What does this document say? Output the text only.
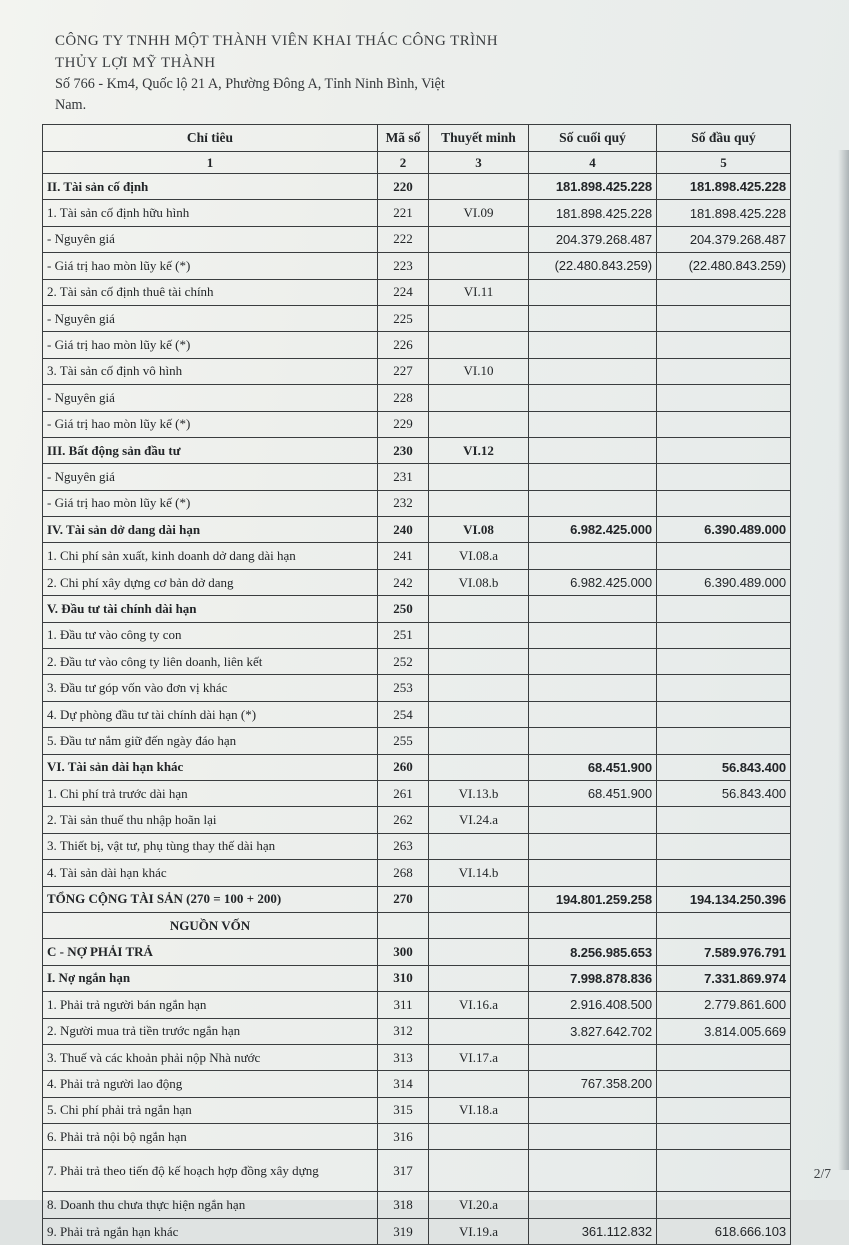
CÔNG TY TNHH MỘT THÀNH VIÊN KHAI THÁC CÔNG TRÌNH
THỦY LỢI MỸ THÀNH
Số 766 - Km4, Quốc lộ 21 A, Phường Đông A, Tỉnh Ninh Bình, Việt
Nam.
Chỉ tiêu	Mã số	Thuyết minh	Số cuối quý	Số đầu quý
1	2	3	4	5
II. Tài sản cố định	220		181.898.425.228	181.898.425.228
1. Tài sản cố định hữu hình	221	VI.09	181.898.425.228	181.898.425.228
- Nguyên giá	222		204.379.268.487	204.379.268.487
- Giá trị hao mòn lũy kế (*)	223		(22.480.843.259)	(22.480.843.259)
2. Tài sản cố định thuê tài chính	224	VI.11		
- Nguyên giá	225			
- Giá trị hao mòn lũy kế (*)	226			
3. Tài sản cố định vô hình	227	VI.10		
- Nguyên giá	228			
- Giá trị hao mòn lũy kế (*)	229			
III. Bất động sản đầu tư	230	VI.12		
- Nguyên giá	231			
- Giá trị hao mòn lũy kế (*)	232			
IV. Tài sản dở dang dài hạn	240	VI.08	6.982.425.000	6.390.489.000
1. Chi phí sản xuất, kinh doanh dở dang dài hạn	241	VI.08.a		
2. Chi phí xây dựng cơ bản dở dang	242	VI.08.b	6.982.425.000	6.390.489.000
V. Đầu tư tài chính dài hạn	250			
1. Đầu tư vào công ty con	251			
2. Đầu tư vào công ty liên doanh, liên kết	252			
3. Đầu tư góp vốn vào đơn vị khác	253			
4. Dự phòng đầu tư tài chính dài hạn (*)	254			
5. Đầu tư nắm giữ đến ngày đáo hạn	255			
VI. Tài sản dài hạn khác	260		68.451.900	56.843.400
1. Chi phí trả trước dài hạn	261	VI.13.b	68.451.900	56.843.400
2. Tài sản thuế thu nhập hoãn lại	262	VI.24.a		
3. Thiết bị, vật tư, phụ tùng thay thế dài hạn	263			
4. Tài sản dài hạn khác	268	VI.14.b		
TỔNG CỘNG TÀI SẢN (270 = 100 + 200)	270		194.801.259.258	194.134.250.396
NGUỒN VỐN				
C - NỢ PHẢI TRẢ	300		8.256.985.653	7.589.976.791
I. Nợ ngắn hạn	310		7.998.878.836	7.331.869.974
1. Phải trả người bán ngắn hạn	311	VI.16.a	2.916.408.500	2.779.861.600
2. Người mua trả tiền trước ngắn hạn	312		3.827.642.702	3.814.005.669
3. Thuế và các khoản phải nộp Nhà nước	313	VI.17.a		
4. Phải trả người lao động	314		767.358.200	
5. Chi phí phải trả ngắn hạn	315	VI.18.a		
6. Phải trả nội bộ ngắn hạn	316			
7. Phải trả theo tiến độ kế hoạch hợp đồng xây dựng	317			
8. Doanh thu chưa thực hiện ngắn hạn	318	VI.20.a		
9. Phải trả ngắn hạn khác	319	VI.19.a	361.112.832	618.666.103
2/7
